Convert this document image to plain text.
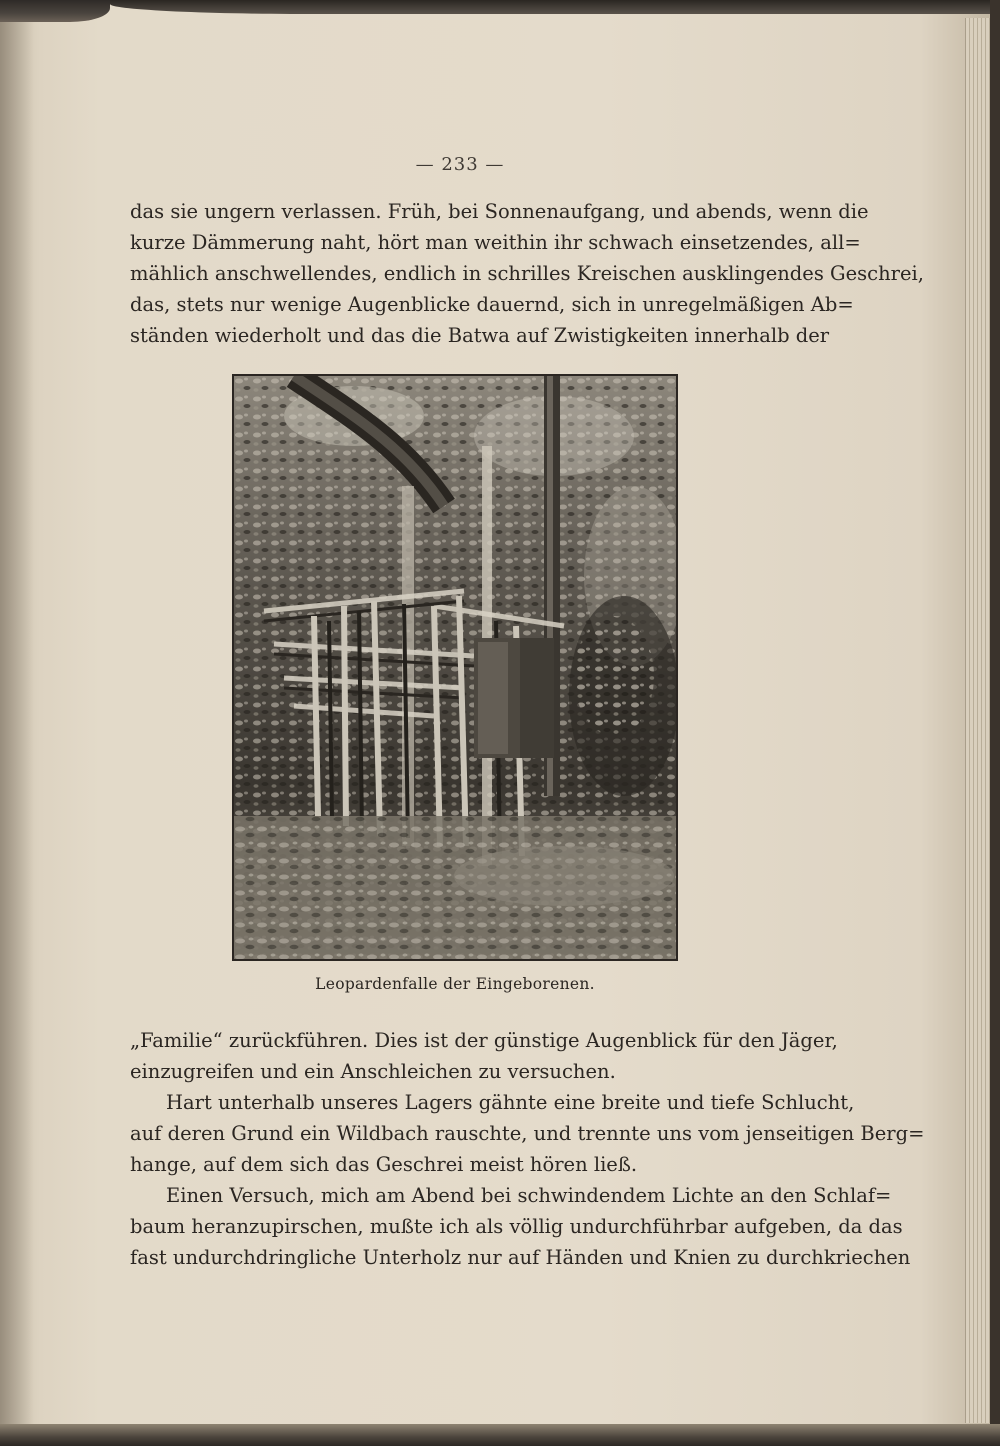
— 233 —
das sie ungern verlassen. Früh, bei Sonnenaufgang, und abends, wenn die
kurze Dämmerung naht, hört man weithin ihr schwach einsetzendes, all=
mählich anschwellendes, endlich in schrilles Kreischen ausklingendes Geschrei,
das, stets nur wenige Augenblicke dauernd, sich in unregelmäßigen Ab=
ständen wiederholt und das die Batwa auf Zwistigkeiten innerhalb der
Leopardenfalle der Eingeborenen.
„Familie“ zurückführen. Dies ist der günstige Augenblick für den Jäger,
einzugreifen und ein Anschleichen zu versuchen.
Hart unterhalb unseres Lagers gähnte eine breite und tiefe Schlucht,
auf deren Grund ein Wildbach rauschte, und trennte uns vom jenseitigen Berg=
hange, auf dem sich das Geschrei meist hören ließ.
Einen Versuch, mich am Abend bei schwindendem Lichte an den Schlaf=
baum heranzupirschen, mußte ich als völlig undurchführbar aufgeben, da das
fast undurchdringliche Unterholz nur auf Händen und Knien zu durchkriechen
